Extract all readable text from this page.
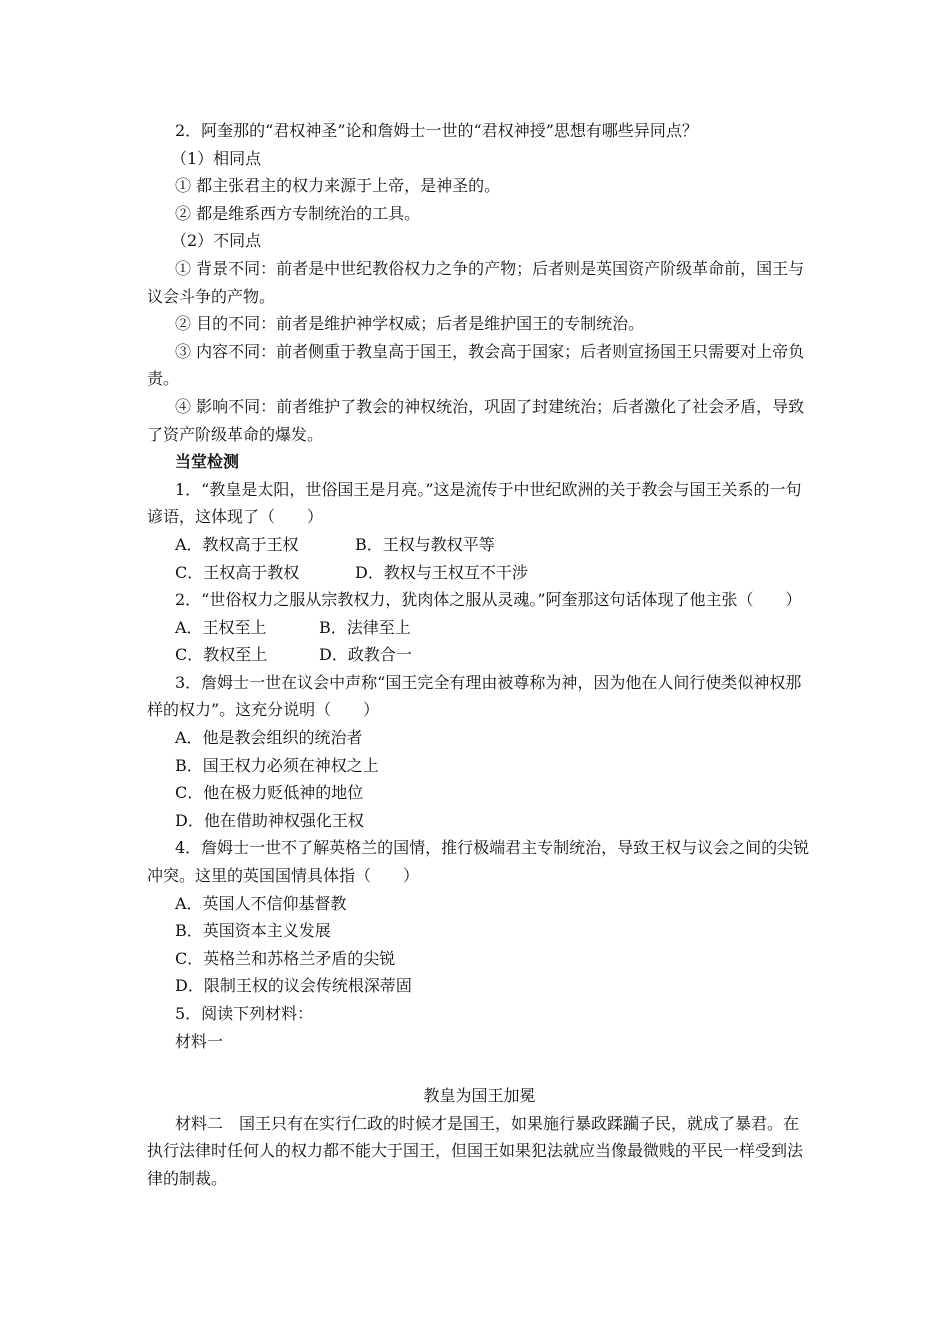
2．阿奎那的“君权神圣”论和詹姆士一世的“君权神授”思想有哪些异同点？

（1）相同点

① 都主张君主的权力来源于上帝，是神圣的。

② 都是维系西方专制统治的工具。

（2）不同点

① 背景不同：前者是中世纪教俗权力之争的产物；后者则是英国资产阶级革命前，国王与议会斗争的产物。

② 目的不同：前者是维护神学权威；后者是维护国王的专制统治。

③ 内容不同：前者侧重于教皇高于国王，教会高于国家；后者则宣扬国王只需要对上帝负责。

④ 影响不同：前者维护了教会的神权统治，巩固了封建统治；后者激化了社会矛盾，导致了资产阶级革命的爆发。

当堂检测

1．“教皇是太阳，世俗国王是月亮。”这是流传于中世纪欧洲的关于教会与国王关系的一句谚语，这体现了（　　）

A．教权高于王权	B．王权与教权平等
C．王权高于教权	D．教权与王权互不干涉

2．“世俗权力之服从宗教权力，犹肉体之服从灵魂。”阿奎那这句话体现了他主张（　　）

A．王权至上	B．法律至上
C．教权至上	D．政教合一

3．詹姆士一世在议会中声称“国王完全有理由被尊称为神，因为他在人间行使类似神权那样的权力”。这充分说明（　　）

A．他是教会组织的统治者

B．国王权力必须在神权之上

C．他在极力贬低神的地位

D．他在借助神权强化王权

4．詹姆士一世不了解英格兰的国情，推行极端君主专制统治，导致王权与议会之间的尖锐冲突。这里的英国国情具体指（　　）

A．英国人不信仰基督教

B．英国资本主义发展

C．英格兰和苏格兰矛盾的尖锐

D．限制王权的议会传统根深蒂固

5．阅读下列材料：

材料一

教皇为国王加冕

材料二　国王只有在实行仁政的时候才是国王，如果施行暴政蹂躏子民，就成了暴君。在执行法律时任何人的权力都不能大于国王，但国王如果犯法就应当像最微贱的平民一样受到法律的制裁。
